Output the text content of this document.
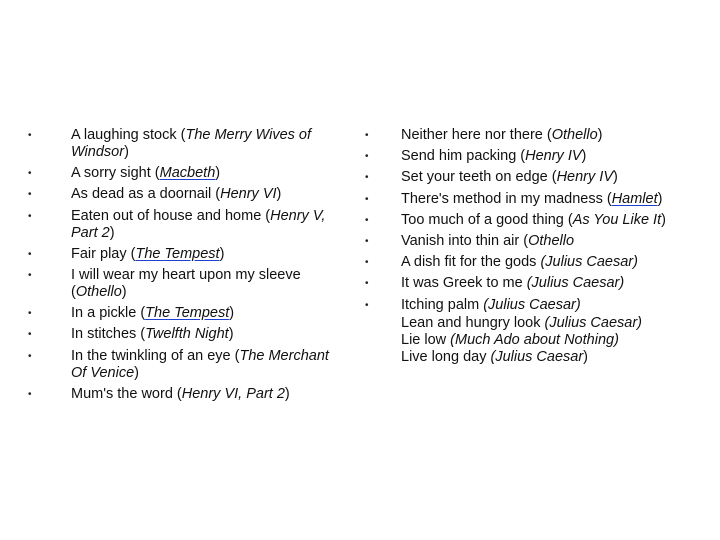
•	A laughing stock (The Merry Wives of Windsor)
•	A sorry sight (Macbeth)
•	As dead as a doornail (Henry VI)
•	Eaten out of house and home (Henry V, Part 2)
•	Fair play (The Tempest)
•	I will wear my heart upon my sleeve (Othello)
•	In a pickle (The Tempest)
•	In stitches (Twelfth Night)
•	In the twinkling of an eye (The Merchant Of Venice)
•	Mum's the word (Henry VI, Part 2)
•	Neither here nor there (Othello)
•	Send him packing (Henry IV)
•	Set your teeth on edge (Henry IV)
•	There's method in my madness (Hamlet)
•	Too much of a good thing (As You Like It)
•	Vanish into thin air (Othello
•	A dish fit for the gods (Julius Caesar)
•	It was Greek to me (Julius Caesar)
•	Itching palm (Julius Caesar)
Lean and hungry look (Julius Caesar)
Lie low (Much Ado about Nothing)
Live long day (Julius Caesar)
